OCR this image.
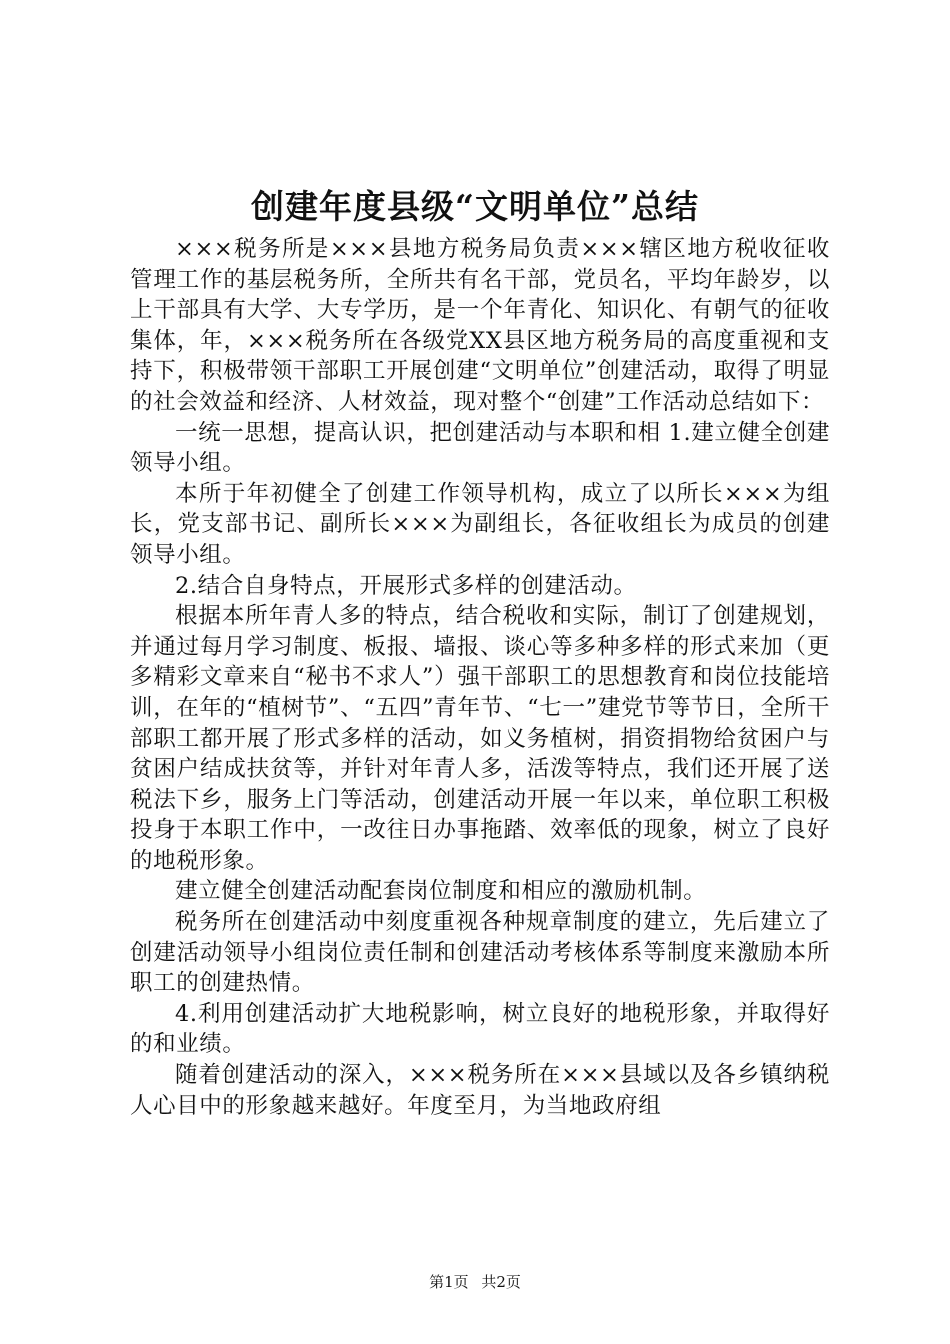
创建年度县级“文明单位”总结

×××税务所是×××县地方税务局负责×××辖区地方税收征收管理工作的基层税务所，全所共有名干部，党员名，平均年龄岁，以上干部具有大学、大专学历，是一个年青化、知识化、有朝气的征收集体，年，×××税务所在各级党XX县区地方税务局的高度重视和支持下，积极带领干部职工开展创建“文明单位”创建活动，取得了明显的社会效益和经济、人材效益，现对整个“创建”工作活动总结如下：

一统一思想，提高认识，把创建活动与本职和相 1.建立健全创建领导小组。

本所于年初健全了创建工作领导机构，成立了以所长×××为组长，党支部书记、副所长×××为副组长，各征收组长为成员的创建领导小组。

2.结合自身特点，开展形式多样的创建活动。

根据本所年青人多的特点，结合税收和实际，制订了创建规划，并通过每月学习制度、板报、墙报、谈心等多种多样的形式来加（更多精彩文章来自“秘书不求人”）强干部职工的思想教育和岗位技能培训，在年的“植树节”、“五四”青年节、“七一”建党节等节日，全所干部职工都开展了形式多样的活动，如义务植树，捐资捐物给贫困户与贫困户结成扶贫等，并针对年青人多，活泼等特点，我们还开展了送税法下乡，服务上门等活动，创建活动开展一年以来，单位职工积极投身于本职工作中，一改往日办事拖踏、效率低的现象，树立了良好的地税形象。

建立健全创建活动配套岗位制度和相应的激励机制。

税务所在创建活动中刻度重视各种规章制度的建立，先后建立了创建活动领导小组岗位责任制和创建活动考核体系等制度来激励本所职工的创建热情。

4.利用创建活动扩大地税影响，树立良好的地税形象，并取得好的和业绩。

随着创建活动的深入，×××税务所在×××县域以及各乡镇纳税人心目中的形象越来越好。年度至月，为当地政府组

第1页 共2页
